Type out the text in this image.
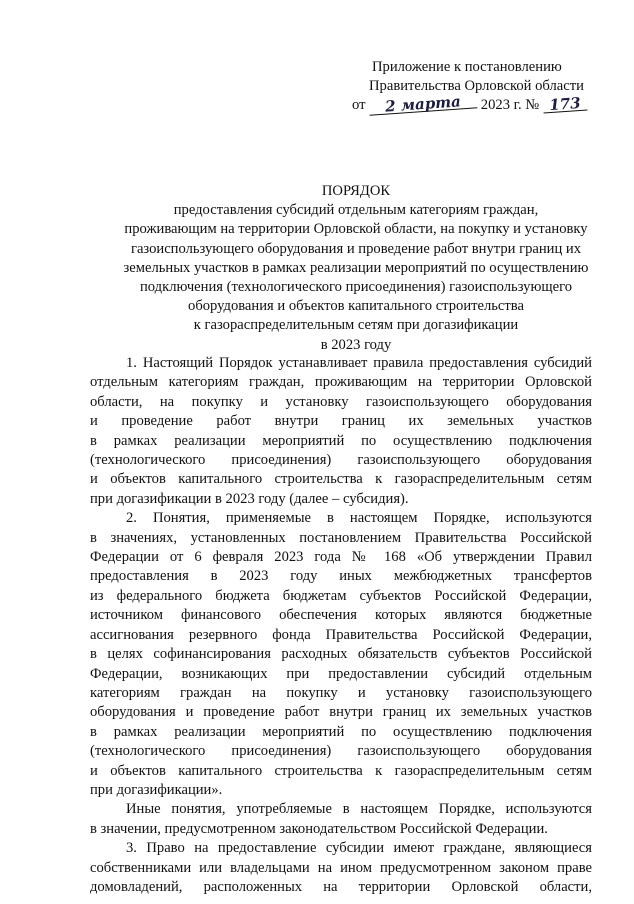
Приложение к постановлению
Правительства Орловской области
от 2 марта 2023 г. № 173
ПОРЯДОК
предоставления субсидий отдельным категориям граждан,
проживающим на территории Орловской области, на покупку и установку
газоиспользующего оборудования и проведение работ внутри границ их
земельных участков в рамках реализации мероприятий по осуществлению
подключения (технологического присоединения) газоиспользующего
оборудования и объектов капитального строительства
к газораспределительным сетям при догазификации
в 2023 году

1. Настоящий Порядок устанавливает правила предоставления субсидий

отдельным категориям граждан, проживающим на территории Орловской

области, на покупку и установку газоиспользующего оборудования

и проведение работ внутри границ их земельных участков

в рамках реализации мероприятий по осуществлению подключения

(технологического присоединения) газоиспользующего оборудования

и объектов капитального строительства к газораспределительным сетям

при догазификации в 2023 году (далее – субсидия).

2. Понятия, применяемые в настоящем Порядке, используются

в значениях, установленных постановлением Правительства Российской

Федерации от 6 февраля 2023 года № 168 «Об утверждении Правил

предоставления в 2023 году иных межбюджетных трансфертов

из федерального бюджета бюджетам субъектов Российской Федерации,

источником финансового обеспечения которых являются бюджетные

ассигнования резервного фонда Правительства Российской Федерации,

в целях софинансирования расходных обязательств субъектов Российской

Федерации, возникающих при предоставлении субсидий отдельным

категориям граждан на покупку и установку газоиспользующего

оборудования и проведение работ внутри границ их земельных участков

в рамках реализации мероприятий по осуществлению подключения

(технологического присоединения) газоиспользующего оборудования

и объектов капитального строительства к газораспределительным сетям

при догазификации».

Иные понятия, употребляемые в настоящем Порядке, используются

в значении, предусмотренном законодательством Российской Федерации.

3. Право на предоставление субсидии имеют граждане, являющиеся

собственниками или владельцами на ином предусмотренном законом праве

домовладений, расположенных на территории Орловской области,
